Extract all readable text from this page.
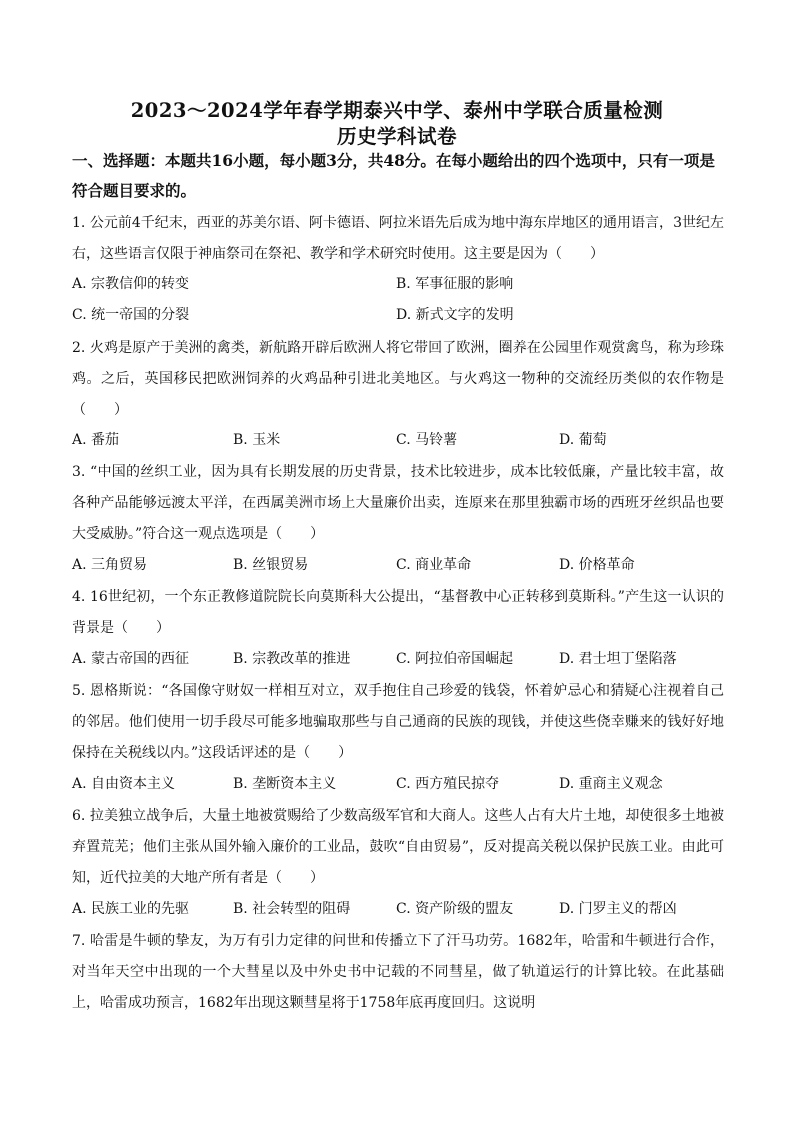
2023～2024学年春学期泰兴中学、泰州中学联合质量检测
历史学科试卷
一、选择题：本题共16小题，每小题3分，共48分。在每小题给出的四个选项中，只有一项是符合题目要求的。
1. 公元前4千纪末，西亚的苏美尔语、阿卡德语、阿拉米语先后成为地中海东岸地区的通用语言，3世纪左右，这些语言仅限于神庙祭司在祭祀、教学和学术研究时使用。这主要是因为（　　）
A. 宗教信仰的转变	B. 军事征服的影响
C. 统一帝国的分裂	D. 新式文字的发明
2. 火鸡是原产于美洲的禽类，新航路开辟后欧洲人将它带回了欧洲，圈养在公园里作观赏禽鸟，称为珍珠鸡。之后，英国移民把欧洲饲养的火鸡品种引进北美地区。与火鸡这一物种的交流经历类似的农作物是（　　）
A. 番茄	B. 玉米	C. 马铃薯	D. 葡萄
3. “中国的丝织工业，因为具有长期发展的历史背景，技术比较进步，成本比较低廉，产量比较丰富，故各种产品能够远渡太平洋，在西属美洲市场上大量廉价出卖，连原来在那里独霸市场的西班牙丝织品也要大受威胁。”符合这一观点选项是（　　）
A. 三角贸易	B. 丝银贸易	C. 商业革命	D. 价格革命
4. 16世纪初，一个东正教修道院院长向莫斯科大公提出，“基督教中心正转移到莫斯科。”产生这一认识的背景是（　　）
A. 蒙古帝国的西征	B. 宗教改革的推进	C. 阿拉伯帝国崛起	D. 君士坦丁堡陷落
5. 恩格斯说：“各国像守财奴一样相互对立，双手抱住自己珍爱的钱袋，怀着妒忌心和猜疑心注视着自己的邻居。他们使用一切手段尽可能多地骗取那些与自己通商的民族的现钱，并使这些侥幸赚来的钱好好地保持在关税线以内。”这段话评述的是（　　）
A. 自由资本主义	B. 垄断资本主义	C. 西方殖民掠夺	D. 重商主义观念
6. 拉美独立战争后，大量土地被赏赐给了少数高级军官和大商人。这些人占有大片土地，却使很多土地被弃置荒芜；他们主张从国外输入廉价的工业品，鼓吹“自由贸易”，反对提高关税以保护民族工业。由此可知，近代拉美的大地产所有者是（　　）
A. 民族工业的先驱	B. 社会转型的阻碍	C. 资产阶级的盟友	D. 门罗主义的帮凶
7. 哈雷是牛顿的挚友，为万有引力定律的问世和传播立下了汗马功劳。1682年，哈雷和牛顿进行合作，对当年天空中出现的一个大彗星以及中外史书中记载的不同彗星，做了轨道运行的计算比较。在此基础上，哈雷成功预言，1682年出现这颗彗星将于1758年底再度回归。这说明
